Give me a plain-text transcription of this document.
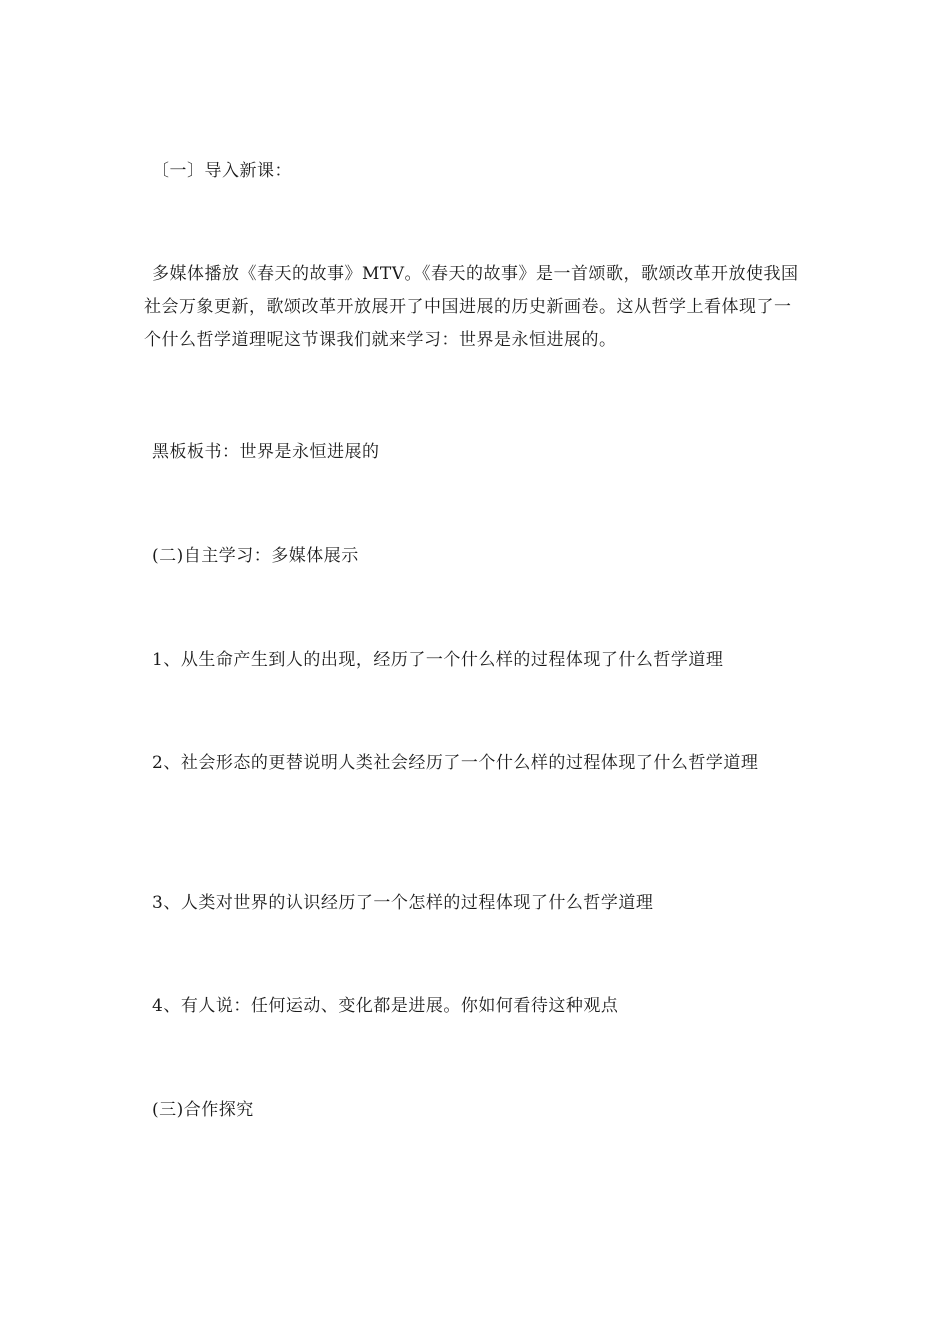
〔一〕导入新课：

多媒体播放《春天的故事》MTV。《春天的故事》是一首颂歌，歌颂改革开放使我国社会万象更新，歌颂改革开放展开了中国进展的历史新画卷。这从哲学上看体现了一个什么哲学道理呢这节课我们就来学习：世界是永恒进展的。

黑板板书：世界是永恒进展的

(二)自主学习：多媒体展示

1、从生命产生到人的出现，经历了一个什么样的过程体现了什么哲学道理

2、社会形态的更替说明人类社会经历了一个什么样的过程体现了什么哲学道理

3、人类对世界的认识经历了一个怎样的过程体现了什么哲学道理

4、有人说：任何运动、变化都是进展。你如何看待这种观点

(三)合作探究
